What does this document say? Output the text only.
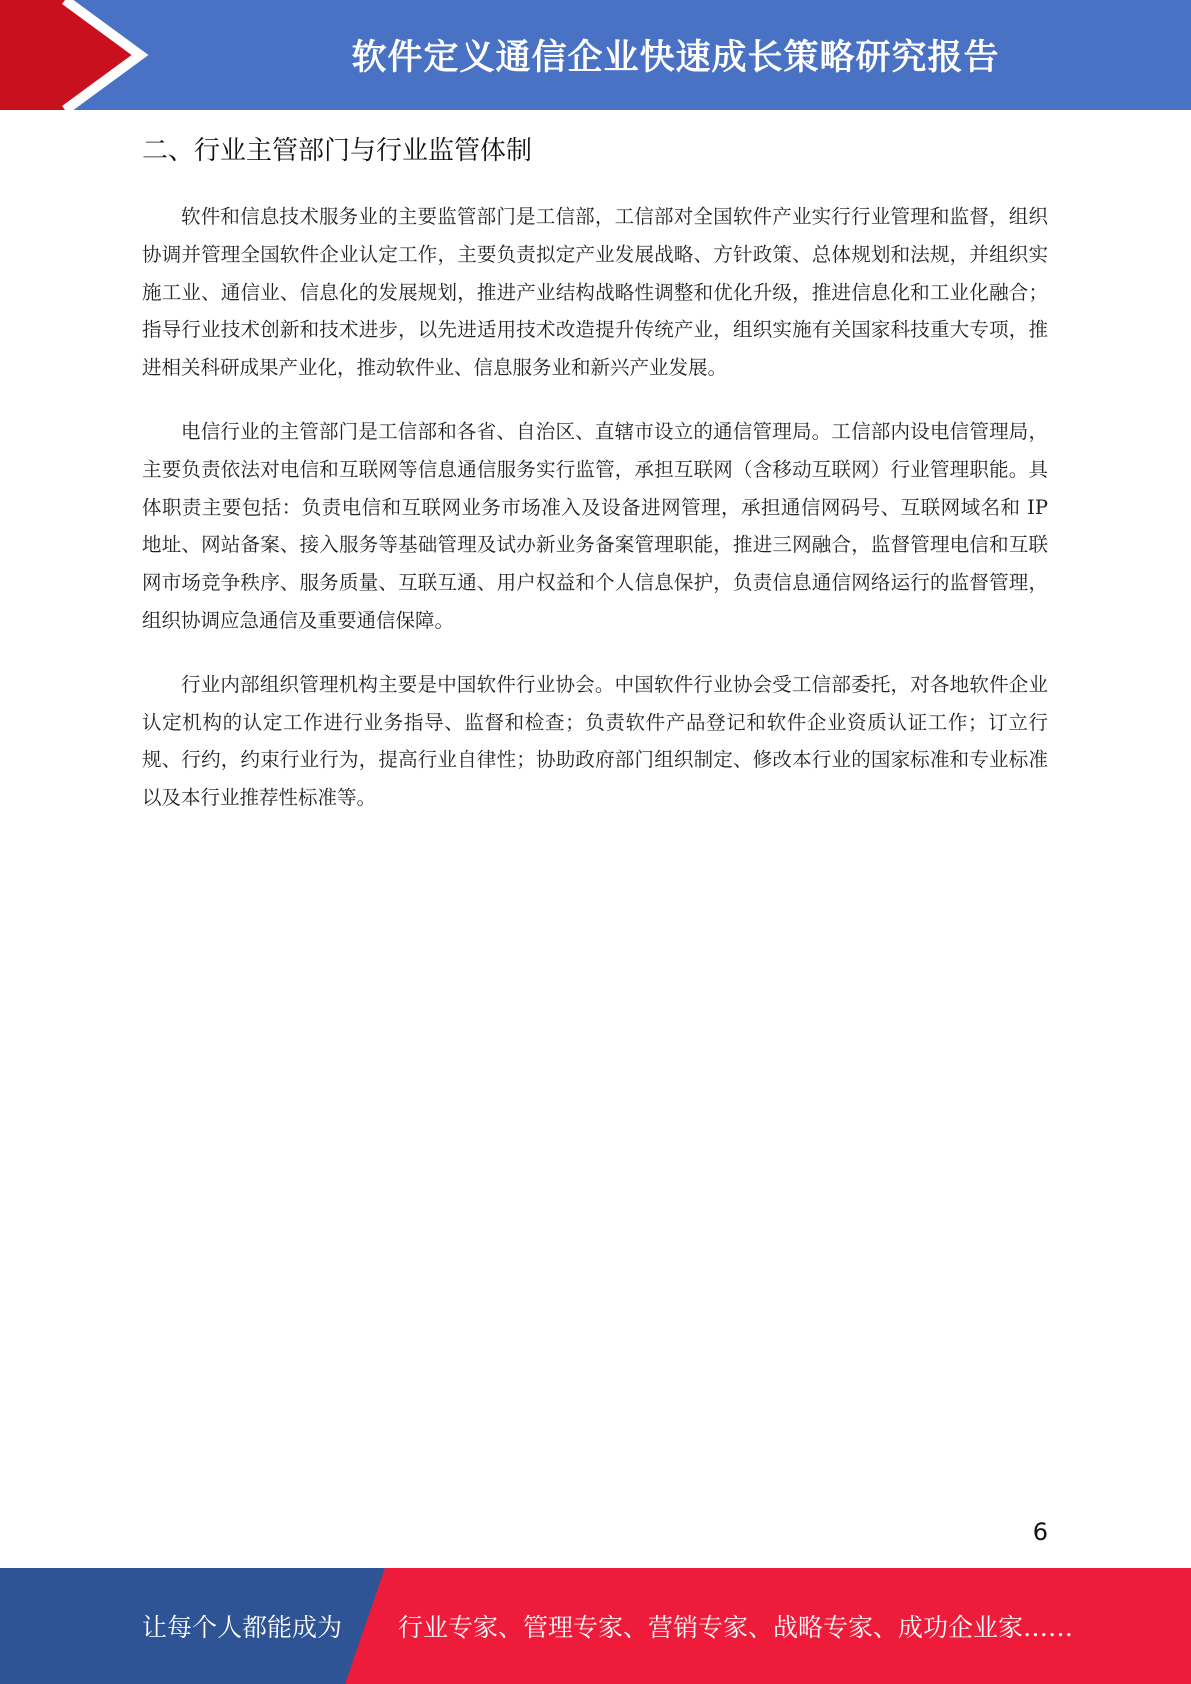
软件定义通信企业快速成长策略研究报告
二、行业主管部门与行业监管体制

软件和信息技术服务业的主要监管部门是工信部，工信部对全国软件产业实行行业管理和监督，组织协调并管理全国软件企业认定工作，主要负责拟定产业发展战略、方针政策、总体规划和法规，并组织实施工业、通信业、信息化的发展规划，推进产业结构战略性调整和优化升级，推进信息化和工业化融合；指导行业技术创新和技术进步，以先进适用技术改造提升传统产业，组织实施有关国家科技重大专项，推进相关科研成果产业化，推动软件业、信息服务业和新兴产业发展。

电信行业的主管部门是工信部和各省、自治区、直辖市设立的通信管理局。工信部内设电信管理局，主要负责依法对电信和互联网等信息通信服务实行监管，承担互联网（含移动互联网）行业管理职能。具体职责主要包括：负责电信和互联网业务市场准入及设备进网管理，承担通信网码号、互联网域名和 IP 地址、网站备案、接入服务等基础管理及试办新业务备案管理职能，推进三网融合，监督管理电信和互联网市场竞争秩序、服务质量、互联互通、用户权益和个人信息保护，负责信息通信网络运行的监督管理，组织协调应急通信及重要通信保障。

行业内部组织管理机构主要是中国软件行业协会。中国软件行业协会受工信部委托，对各地软件企业认定机构的认定工作进行业务指导、监督和检查；负责软件产品登记和软件企业资质认证工作；订立行规、行约，约束行业行为，提高行业自律性；协助政府部门组织制定、修改本行业的国家标准和专业标准以及本行业推荐性标准等。

6
让每个人都能成为 行业专家、管理专家、营销专家、战略专家、成功企业家……
